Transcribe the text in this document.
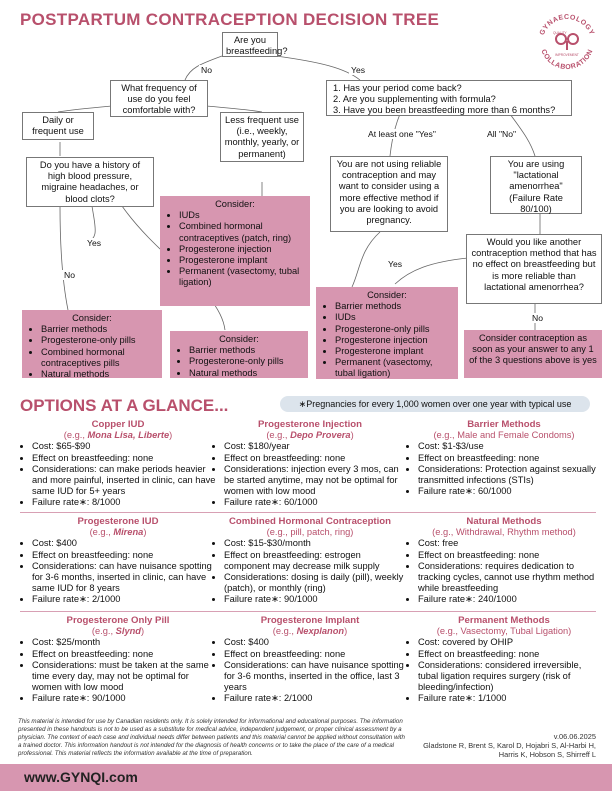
POSTPARTUM CONTRACEPTION DECISION TREE
GYNAECOLOGY
COLLABORATION
QUALITY
IMPROVEMENT
Are you breastfeeding?
No	Yes
What frequency of use do you feel comfortable with?
Daily or frequent use
Less frequent use (i.e., weekly, monthly, yearly, or permanent)
Do you have a history of high blood pressure, migraine headaches, or blood clots?
Consider:
• IUDs
• Combined hormonal contraceptives (patch, ring)
• Progesterone injection
• Progesterone implant
• Permanent (vasectomy, tubal ligation)
Yes
No
Consider:
• Barrier methods
• Progesterone-only pills
• Combined hormonal contraceptives pills
• Natural methods
Consider:
• Barrier methods
• Progesterone-only pills
• Natural methods
1. Has your period come back?
2. Are you supplementing with formula?
3. Have you been breastfeeding more than 6 months?
At least one "Yes"	All "No"
You are not using reliable contraception and may want to consider using a more effective method if you are looking to avoid pregnancy.
You are using "lactational amenorrhea" (Failure Rate 80/100)
Would you like another contraception method that has no effect on breastfeeding but is more reliable than lactational amenorrhea?
Yes
No
Consider:
• Barrier methods
• IUDs
• Progesterone-only pills
• Progesterone injection
• Progesterone implant
• Permanent (vasectomy, tubal ligation)
Consider contraception as soon as your answer to any 1 of the 3 questions above is yes
OPTIONS AT A GLANCE...	∗Pregnancies for every 1,000 women over one year with typical use
Copper IUD
(e.g., Mona Lisa, Liberte)
• Cost: $65-$90
• Effect on breastfeeding: none
• Considerations: can make periods heavier and more painful, inserted in clinic, can have same IUD for 5+ years
• Failure rate∗: 8/1000
Progesterone Injection
(e.g., Depo Provera)
• Cost: $180/year
• Effect on breastfeeding: none
• Considerations: injection every 3 mos, can be started anytime, may not be optimal for women with low mood
• Failure rate∗: 60/1000
Barrier Methods
(e.g., Male and Female Condoms)
• Cost: $1-$3/use
• Effect on breastfeeding: none
• Considerations: Protection against sexually transmitted infections (STIs)
• Failure rate∗: 60/1000
Progesterone IUD
(e.g., Mirena)
• Cost: $400
• Effect on breastfeeding: none
• Considerations: can have nuisance spotting for 3-6 months, inserted in clinic, can have same IUD for 8 years
• Failure rate∗: 2/1000
Combined Hormonal Contraception
(e.g., pill, patch, ring)
• Cost: $15-$30/month
• Effect on breastfeeding: estrogen component may decrease milk supply
• Considerations: dosing is daily (pill), weekly (patch), or monthly (ring)
• Failure rate∗: 90/1000
Natural Methods
(e.g., Withdrawal, Rhythm method)
• Cost: free
• Effect on breastfeeding: none
• Considerations: requires dedication to tracking cycles, cannot use rhythm method while breastfeeding
• Failure rate∗: 240/1000
Progesterone Only Pill
(e.g., Slynd)
• Cost: $25/month
• Effect on breastfeeding: none
• Considerations: must be taken at the same time every day, may not be optimal for women with low mood
• Failure rate∗: 90/1000
Progesterone Implant
(e.g., Nexplanon)
• Cost: $400
• Effect on breastfeeding: none
• Considerations: can have nuisance spotting for 3-6 months, inserted in the office, last 3 years
• Failure rate∗: 2/1000
Permanent Methods
(e.g., Vasectomy, Tubal Ligation)
• Cost: covered by OHIP
• Effect on breastfeeding: none
• Considerations: considered irreversible, tubal ligation requires surgery (risk of bleeding/infection)
• Failure rate∗: 1/1000
This material is intended for use by Canadian residents only. It is solely intended for informational and educational purposes. The information presented in these handouts is not to be used as a substitute for medical advice, independent judgement, or proper clinical assessment by a physician. The context of each case and individual needs differ between patients and this material cannot be applied without consultation with a trained doctor. This information handout is not intended for the diagnosis of health concerns or to take the place of the care of a medical professional. This material reflects the information available at the time of preparation.
v.06.06.2025
Gladstone R, Brent S, Karol D, Hojabri S, Al-Harbi H, Harris K, Hobson S, Shirreff L
www.GYNQI.com
